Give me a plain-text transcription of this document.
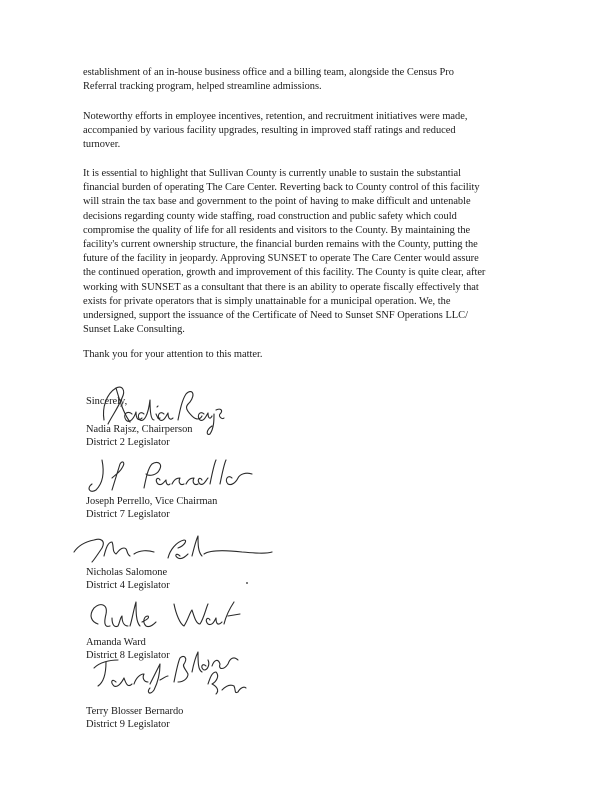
establishment of an in-house business office and a billing team, alongside the Census Pro
Referral tracking program, helped streamline admissions.

Noteworthy efforts in employee incentives, retention, and recruitment initiatives were made,
accompanied by various facility upgrades, resulting in improved staff ratings and reduced
turnover.

It is essential to highlight that Sullivan County is currently unable to sustain the substantial
financial burden of operating The Care Center. Reverting back to County control of this facility
will strain the tax base and government to the point of having to make difficult and untenable
decisions regarding county wide staffing, road construction and public safety which could
compromise the quality of life for all residents and visitors to the County. By maintaining the
facility's current ownership structure, the financial burden remains with the County, putting the
future of the facility in jeopardy. Approving SUNSET to operate The Care Center would assure
the continued operation, growth and improvement of this facility. The County is quite clear, after
working with SUNSET as a consultant that there is an ability to operate fiscally effectively that
exists for private operators that is simply unattainable for a municipal operation. We, the
undersigned, support the issuance of the Certificate of Need to Sunset SNF Operations LLC/
Sunset Lake Consulting.

Thank you for your attention to this matter.

Sincerely,
Nadia Rajsz, Chairperson
District 2 Legislator
Joseph Perrello, Vice Chairman
District 7 Legislator
Nicholas Salomone
District 4 Legislator
Amanda Ward
District 8 Legislator
Terry Blosser Bernardo
District 9 Legislator
